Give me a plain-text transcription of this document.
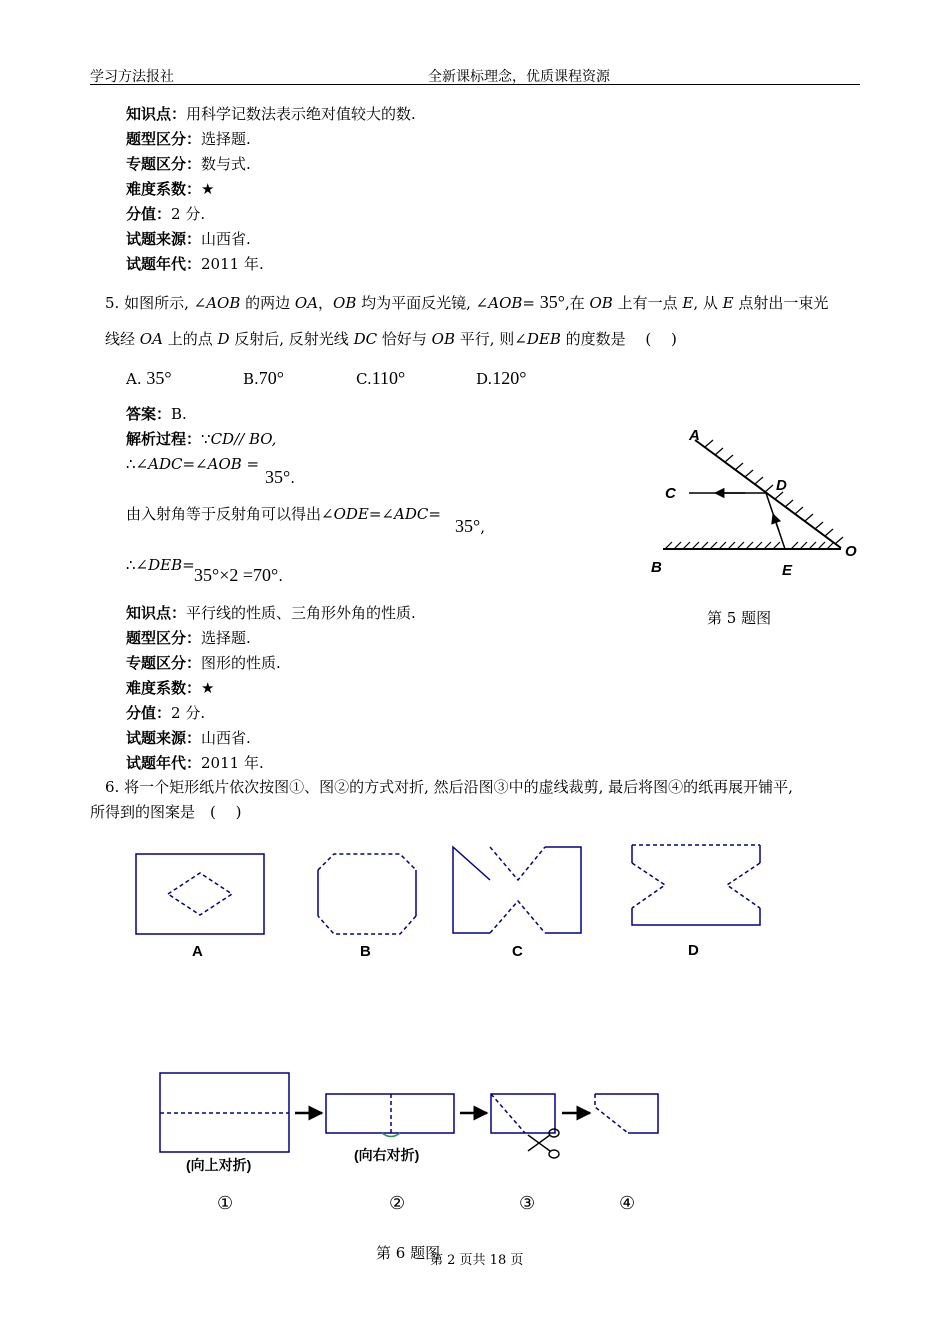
学习方法报社	全新课标理念，优质课程资源
知识点：用科学记数法表示绝对值较大的数.
题型区分：选择题.
专题区分：数与式.
难度系数：★
分值：2 分.
试题来源：山西省.
试题年代：2011 年.
5. 如图所示, ∠AOB 的两边 OA，OB 均为平面反光镜, ∠AOB= 35°,在 OB 上有一点 E, 从 E 点射出一束光
线经 OA 上的点 D 反射后, 反射光线 DC 恰好与 OB 平行, 则∠DEB 的度数是　 (　 )
A. 35°	B.70°	C.110°	D.120°
答案：B.
解析过程：∵CD// BO,
∴∠ADC=∠AOB =
35°.
由入射角等于反射角可以得出∠ODE=∠ADC=
35°,
∴∠DEB= 35°×2 =70°.
A
C	D
B	E
O
第 5 题图
知识点：平行线的性质、三角形外角的性质.
题型区分：选择题.
专题区分：图形的性质.
难度系数：★
分值：2 分.
试题来源：山西省.
试题年代：2011 年.
6. 将一个矩形纸片依次按图①、图②的方式对折, 然后沿图③中的虚线裁剪, 最后将图④的纸再展开铺平,
所得到的图案是　(　 )
A	B	C	D
(向上对折)
(向右对折)
①	②	③	④
第 6 题图
第 2 页共 18 页
